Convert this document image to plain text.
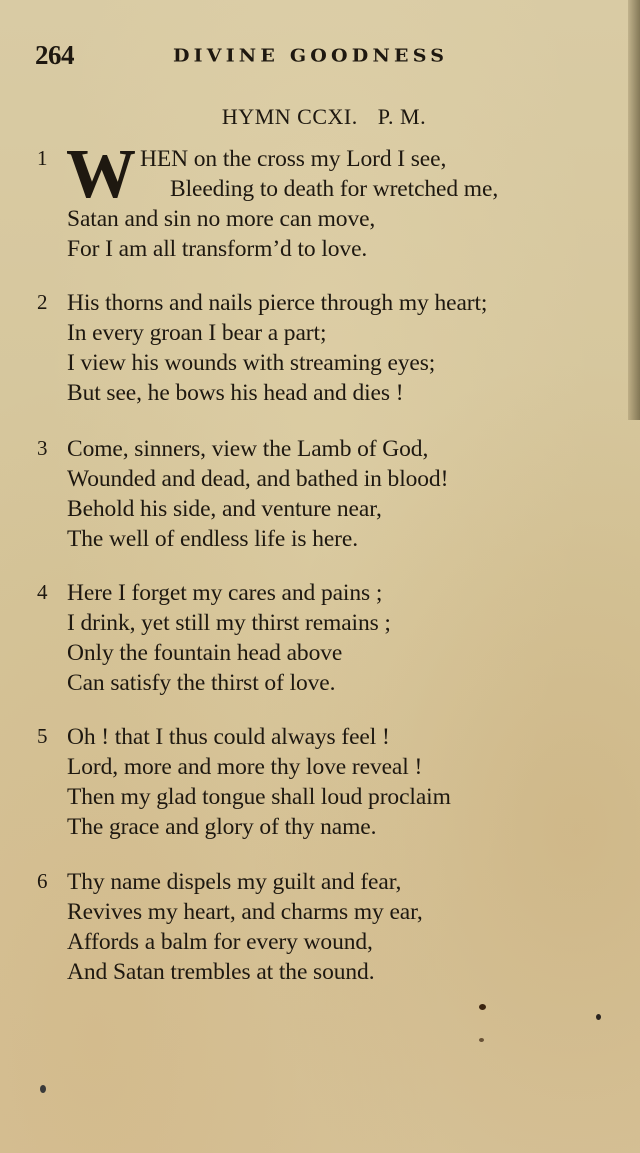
264	DIVINE GOODNESS
HYMN CCXI. P. M.
1 W HEN on the cross my Lord I see,
Bleeding to death for wretched me,
Satan and sin no more can move,
For I am all transform’d to love.
2 His thorns and nails pierce through my heart;
In every groan I bear a part;
I view his wounds with streaming eyes;
But see, he bows his head and dies !
3 Come, sinners, view the Lamb of God,
Wounded and dead, and bathed in blood!
Behold his side, and venture near,
The well of endless life is here.
4 Here I forget my cares and pains ;
I drink, yet still my thirst remains ;
Only the fountain head above
Can satisfy the thirst of love.
5 Oh ! that I thus could always feel !
Lord, more and more thy love reveal !
Then my glad tongue shall loud proclaim
The grace and glory of thy name.
6 Thy name dispels my guilt and fear,
Revives my heart, and charms my ear,
Affords a balm for every wound,
And Satan trembles at the sound.
